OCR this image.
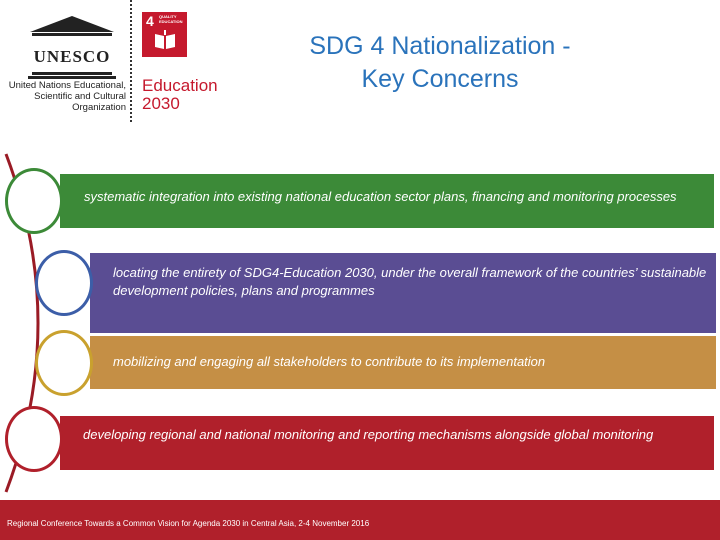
UNESCO
United Nations Educational, Scientific and Cultural Organization
4 QUALITY EDUCATION
Education
2030
SDG 4 Nationalization -
Key Concerns
systematic integration into existing national education sector plans, financing and monitoring processes
locating the entirety of SDG4-Education 2030, under the overall framework of the countries’ sustainable development policies, plans and programmes
mobilizing and engaging all stakeholders to contribute to its implementation
developing regional and national monitoring and reporting mechanisms alongside global monitoring
Regional Conference Towards a Common Vision for Agenda 2030 in Central Asia, 2-4 November 2016
